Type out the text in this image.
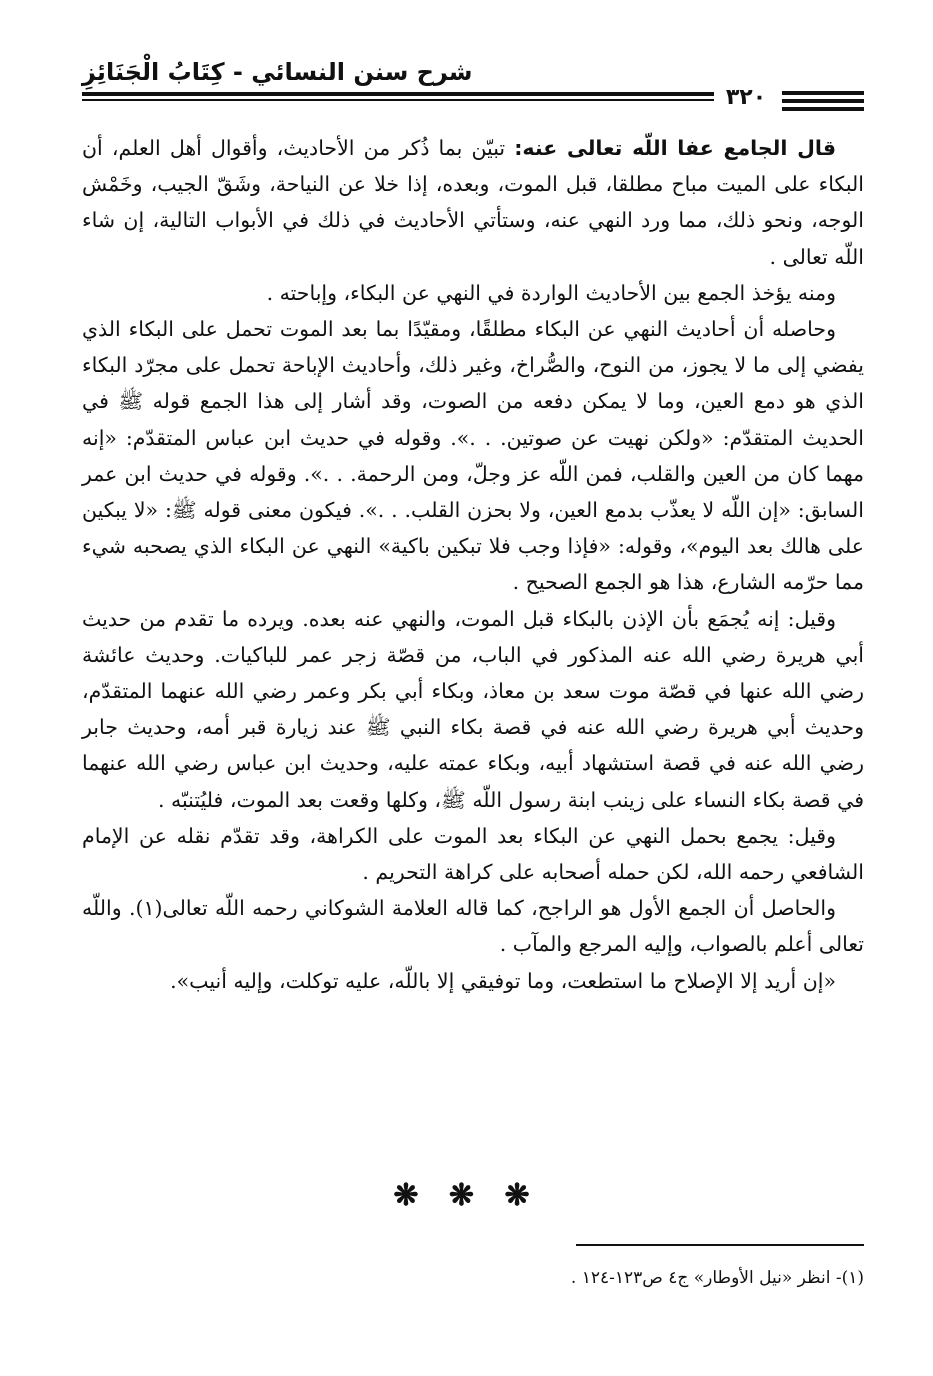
شرح سنن النسائي - كِتَابُ الْجَنَائِزِ
٣٢٠

قال الجامع عفا اللّه تعالى عنه: تبيّن بما ذُكر من الأحاديث، وأقوال أهل العلم، أن البكاء على الميت مباح مطلقا، قبل الموت، وبعده، إذا خلا عن النياحة، وشَقّ الجيب، وخَمْش الوجه، ونحو ذلك، مما ورد النهي عنه، وستأتي الأحاديث في ذلك في الأبواب التالية، إن شاء اللّه تعالى .

ومنه يؤخذ الجمع بين الأحاديث الواردة في النهي عن البكاء، وإباحته .

وحاصله أن أحاديث النهي عن البكاء مطلقًا، ومقيّدًا بما بعد الموت تحمل على البكاء الذي يفضي إلى ما لا يجوز، من النوح، والصُّراخ، وغير ذلك، وأحاديث الإباحة تحمل على مجرّد البكاء الذي هو دمع العين، وما لا يمكن دفعه من الصوت، وقد أشار إلى هذا الجمع قوله ﷺ في الحديث المتقدّم: «ولكن نهيت عن صوتين. . .». وقوله في حديث ابن عباس المتقدّم: «إنه مهما كان من العين والقلب، فمن اللّه عز وجلّ، ومن الرحمة. . .». وقوله في حديث ابن عمر السابق: «إن اللّه لا يعذّب بدمع العين، ولا بحزن القلب. . .». فيكون معنى قوله ﷺ: «لا يبكين على هالك بعد اليوم»، وقوله: «فإذا وجب فلا تبكين باكية» النهي عن البكاء الذي يصحبه شيء مما حرّمه الشارع، هذا هو الجمع الصحيح .

وقيل: إنه يُجمَع بأن الإذن بالبكاء قبل الموت، والنهي عنه بعده. ويرده ما تقدم من حديث أبي هريرة رضي الله عنه المذكور في الباب، من قصّة زجر عمر للباكيات. وحديث عائشة رضي الله عنها في قصّة موت سعد بن معاذ، وبكاء أبي بكر وعمر رضي الله عنهما المتقدّم، وحديث أبي هريرة رضي الله عنه في قصة بكاء النبي ﷺ عند زيارة قبر أمه، وحديث جابر رضي الله عنه في قصة استشهاد أبيه، وبكاء عمته عليه، وحديث ابن عباس رضي الله عنهما في قصة بكاء النساء على زينب ابنة رسول اللّه ﷺ، وكلها وقعت بعد الموت، فليُتنبّه .

وقيل: يجمع بحمل النهي عن البكاء بعد الموت على الكراهة، وقد تقدّم نقله عن الإمام الشافعي رحمه الله، لكن حمله أصحابه على كراهة التحريم .

والحاصل أن الجمع الأول هو الراجح، كما قاله العلامة الشوكاني رحمه اللّه تعالى(١). واللّه تعالى أعلم بالصواب، وإليه المرجع والمآب .

«إن أريد إلا الإصلاح ما استطعت، وما توفيقي إلا باللّه، عليه توكلت، وإليه أنيب».

❋ ❋ ❋
(١)- انظر «نيل الأوطار» ج٤ ص١٢٣-١٢٤ .
